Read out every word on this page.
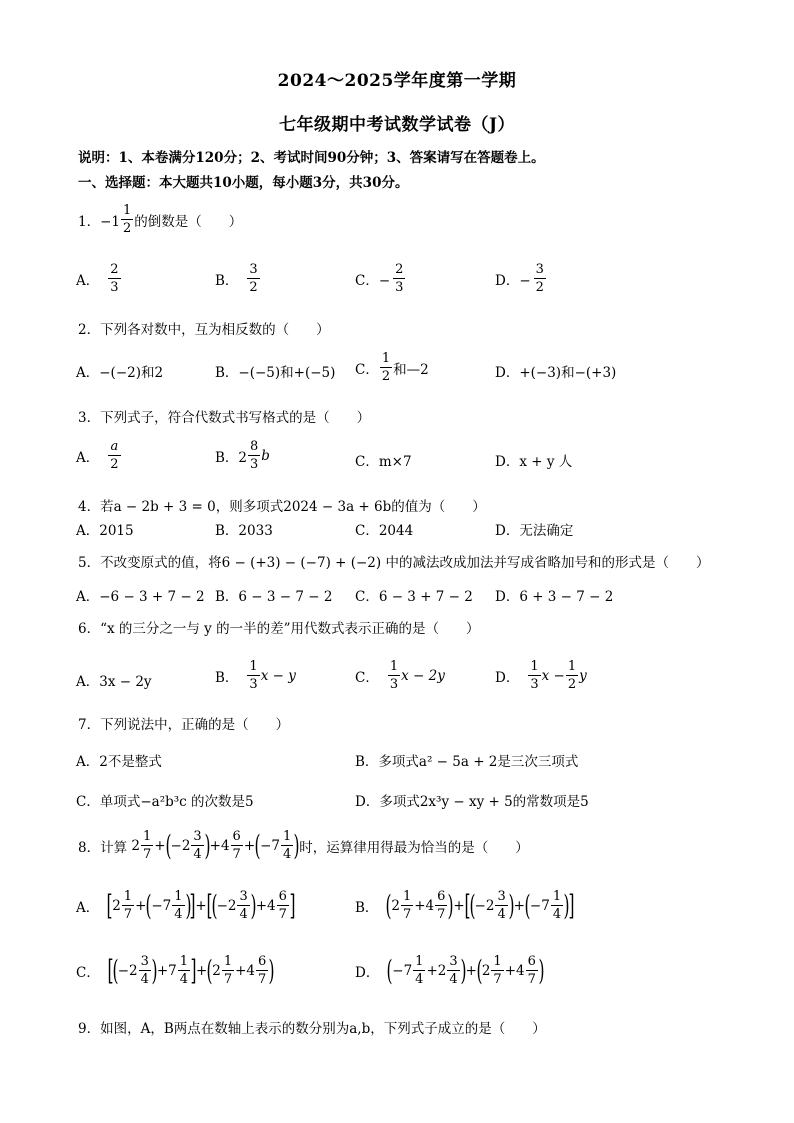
2024～2025学年度第一学期
七年级期中考试数学试卷（J）
说明：1、本卷满分120分；2、考试时间90分钟；3、答案请写在答题卷上。
一、选择题：本大题共10小题，每小题3分，共30分。
1．$-1 \frac{1}{2}$ 的倒数是（　　）
A． $\frac{2}{3}$	B． $\frac{3}{2}$	C．− $\frac{2}{3}$	D．− $\frac{3}{2}$
2．下列各对数中，互为相反数的（　　）
A．−(−2)和2	B．−(−5)和+(−5) C． $\frac{1}{2}$ 和—2	D．+(−3)和−(+3)
3．下列式子，符合代数式书写格式的是（　　）
A． $\frac{a}{2}$	B．$2 \frac{8}{3}$ b	C．m×7	D．x + y 人
4．若a − 2b + 3 = 0，则多项式2024 − 3a + 6b的值为（　　）
A．2015	B．2033	C．2044	D．无法确定
5．不改变原式的值，将6 − (+3) − (−7) + (−2) 中的减法改成加法并写成省略加号和的形式是（　　）
A．−6 − 3 + 7 − 2 B．6 − 3 − 7 − 2 C．6 − 3 + 7 − 2 D．6 + 3 − 7 − 2
6．“x 的三分之一与 y 的一半的差”用代数式表示正确的是（　　）
A．3x − 2y	B． $\frac{1}{3}$ x − y	C． $\frac{1}{3}$ x − 2y	D． $\frac{1}{3}$ $x - \frac{1}{2}$ y
7．下列说法中，正确的是（　　）
A．2不是整式	B．多项式a² − 5a + 2是三次三项式
C．单项式−a²b³c 的次数是5	D．多项式2x³y − xy + 5的常数项是5
8．计算 $2 \frac{1}{7}$ + ( $-2 \frac{3}{4}$ ) $+4 \frac{6}{7}$ + ( $-7 \frac{1}{4}$ ) 时，运算律用得最为恰当的是（　　）
A． [ $2 \frac{1}{7}$ + ( $-7 \frac{1}{4}$ )
] + [
( $-2 \frac{3}{4}$ ) $+4 \frac{6}{7}$ ]	B． ( $2 \frac{1}{7} +4 \frac{6}{7}$ ) + [
( $-2 \frac{3}{4}$ ) + ( $-7 \frac{1}{4}$ )
]
C． [
( $-2 \frac{3}{4}$ ) $+7 \frac{1}{4}$ ] + ( $2 \frac{1}{7} +4 \frac{6}{7}$ )	D． ( $-7 \frac{1}{4} +2 \frac{3}{4}$ ) + ( $2 \frac{1}{7} +4 \frac{6}{7}$ )
9．如图，A，B两点在数轴上表示的数分别为a,b，下列式子成立的是（　　）
